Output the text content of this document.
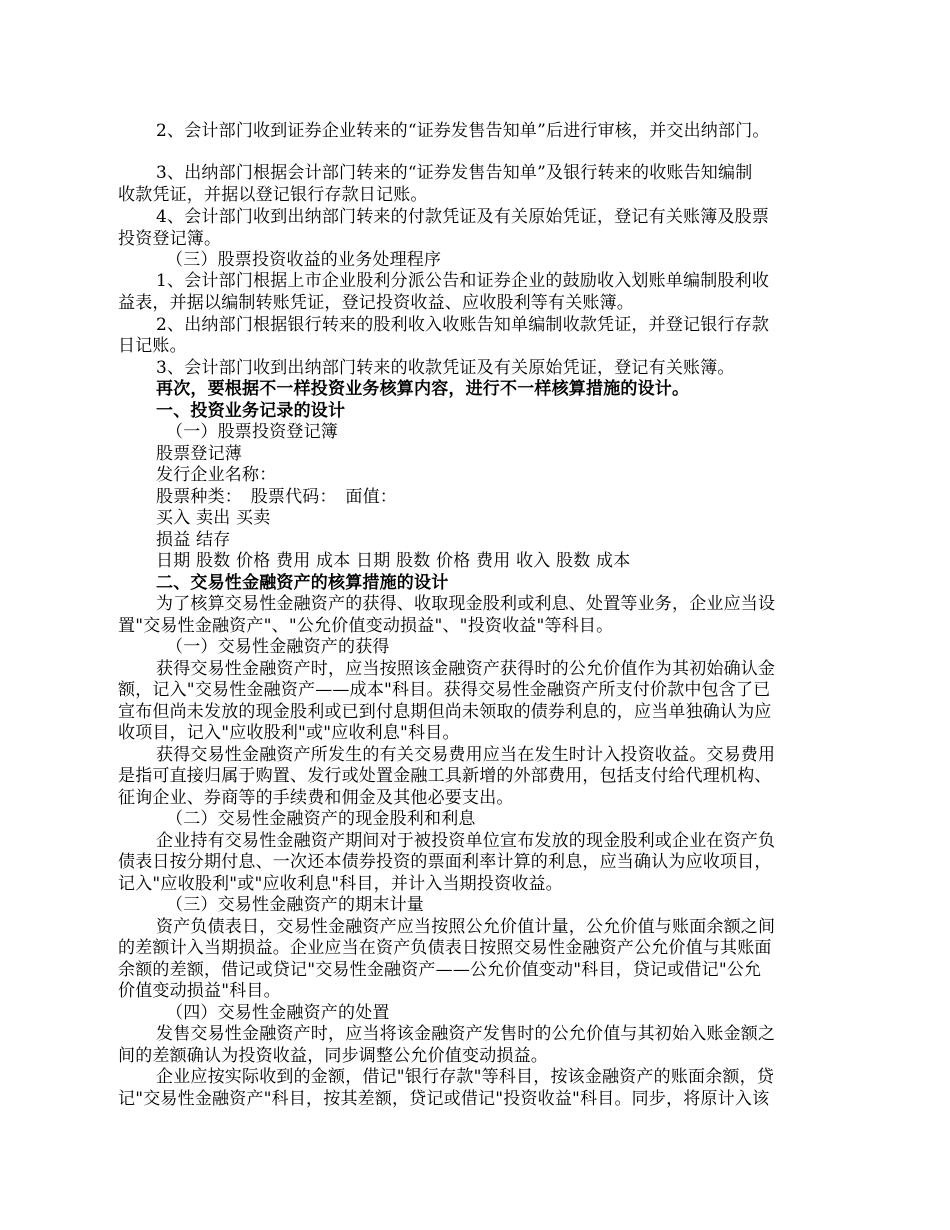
2、会计部门收到证券企业转来的“证券发售告知单”后进行审核，并交出纳部门。
3、出纳部门根据会计部门转来的“证券发售告知单”及银行转来的收账告知编制
收款凭证，并据以登记银行存款日记账。
4、会计部门收到出纳部门转来的付款凭证及有关原始凭证，登记有关账簿及股票
投资登记簿。
（三）股票投资收益的业务处理程序
1、会计部门根据上市企业股利分派公告和证券企业的鼓励收入划账单编制股利收
益表，并据以编制转账凭证，登记投资收益、应收股利等有关账簿。
2、出纳部门根据银行转来的股利收入收账告知单编制收款凭证，并登记银行存款
日记账。
3、会计部门收到出纳部门转来的收款凭证及有关原始凭证，登记有关账簿。
再次，要根据不一样投资业务核算内容，进行不一样核算措施的设计。
一、投资业务记录的设计
（一）股票投资登记簿
股票登记薄
发行企业名称：
股票种类：　股票代码：　面值：
买入 卖出 买卖
损益 结存
日期 股数 价格 费用 成本 日期 股数 价格 费用 收入 股数 成本
二、交易性金融资产的核算措施的设计
为了核算交易性金融资产的获得、收取现金股利或利息、处置等业务，企业应当设
置"交易性金融资产"、"公允价值变动损益"、"投资收益"等科目。
（一）交易性金融资产的获得
获得交易性金融资产时，应当按照该金融资产获得时的公允价值作为其初始确认金
额，记入"交易性金融资产——成本"科目。获得交易性金融资产所支付价款中包含了已
宣布但尚未发放的现金股利或已到付息期但尚未领取的债券利息的，应当单独确认为应
收项目，记入"应收股利"或"应收利息"科目。
获得交易性金融资产所发生的有关交易费用应当在发生时计入投资收益。交易费用
是指可直接归属于购置、发行或处置金融工具新增的外部费用，包括支付给代理机构、
征询企业、券商等的手续费和佣金及其他必要支出。
（二）交易性金融资产的现金股利和利息
企业持有交易性金融资产期间对于被投资单位宣布发放的现金股利或企业在资产负
债表日按分期付息、一次还本债券投资的票面利率计算的利息，应当确认为应收项目，
记入"应收股利"或"应收利息"科目，并计入当期投资收益。
（三）交易性金融资产的期末计量
资产负债表日，交易性金融资产应当按照公允价值计量，公允价值与账面余额之间
的差额计入当期损益。企业应当在资产负债表日按照交易性金融资产公允价值与其账面
余额的差额，借记或贷记"交易性金融资产——公允价值变动"科目，贷记或借记"公允
价值变动损益"科目。
（四）交易性金融资产的处置
发售交易性金融资产时，应当将该金融资产发售时的公允价值与其初始入账金额之
间的差额确认为投资收益，同步调整公允价值变动损益。
企业应按实际收到的金额，借记"银行存款"等科目，按该金融资产的账面余额，贷
记"交易性金融资产"科目，按其差额，贷记或借记"投资收益"科目。同步，将原计入该
